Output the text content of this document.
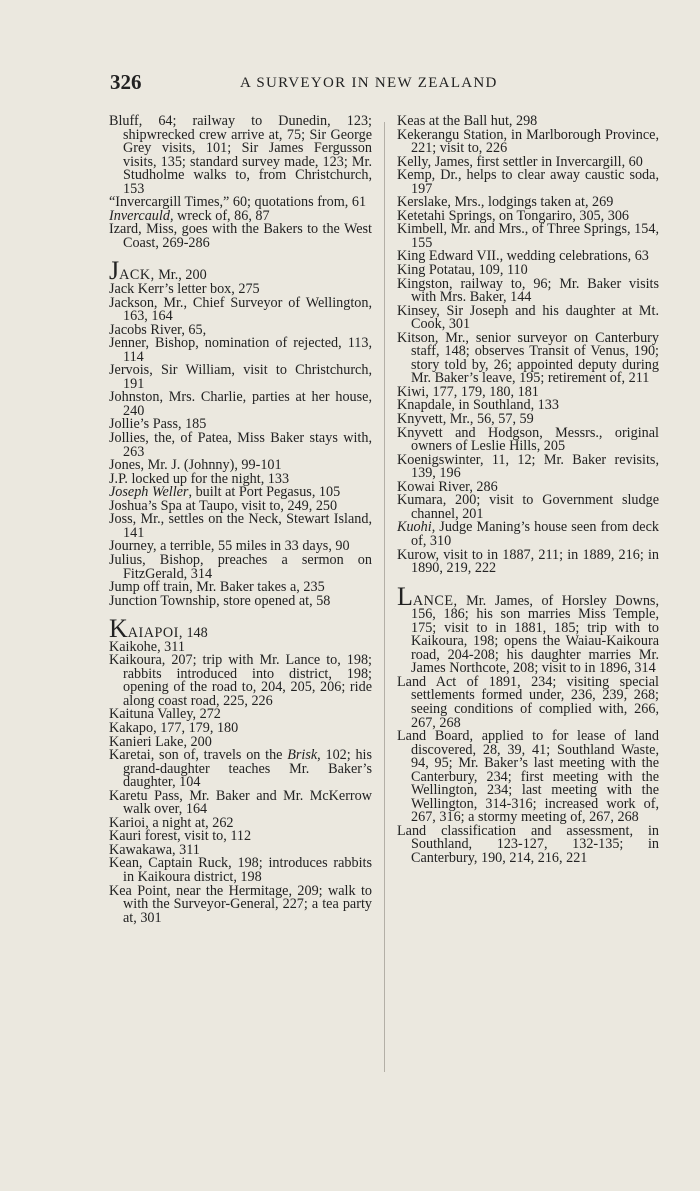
326	A SURVEYOR IN NEW ZEALAND
Bluff, 64; railway to Dunedin, 123; shipwrecked crew arrive at, 75; Sir George Grey visits, 101; Sir James Fergusson visits, 135; standard survey made, 123; Mr. Studholme walks to, from Christchurch, 153
“Invercargill Times,” 60; quotations from, 61
Invercauld, wreck of, 86, 87
Izard, Miss, goes with the Bakers to the West Coast, 269-286
JACK, Mr., 200
Jack Kerr’s letter box, 275
Jackson, Mr., Chief Surveyor of Wellington, 163, 164
Jacobs River, 65,
Jenner, Bishop, nomination of rejected, 113, 114
Jervois, Sir William, visit to Christchurch, 191
Johnston, Mrs. Charlie, parties at her house, 240
Jollie’s Pass, 185
Jollies, the, of Patea, Miss Baker stays with, 263
Jones, Mr. J. (Johnny), 99-101
J.P. locked up for the night, 133
Joseph Weller, built at Port Pegasus, 105
Joshua’s Spa at Taupo, visit to, 249, 250
Joss, Mr., settles on the Neck, Stewart Island, 141
Journey, a terrible, 55 miles in 33 days, 90
Julius, Bishop, preaches a sermon on FitzGerald, 314
Jump off train, Mr. Baker takes a, 235
Junction Township, store opened at, 58
KAIAPOI, 148
Kaikohe, 311
Kaikoura, 207; trip with Mr. Lance to, 198; rabbits introduced into district, 198; opening of the road to, 204, 205, 206; ride along coast road, 225, 226
Kaituna Valley, 272
Kakapo, 177, 179, 180
Kanieri Lake, 200
Karetai, son of, travels on the Brisk, 102; his grand-daughter teaches Mr. Baker’s daughter, 104
Karetu Pass, Mr. Baker and Mr. McKerrow walk over, 164
Karioi, a night at, 262
Kauri forest, visit to, 112
Kawakawa, 311
Kean, Captain Ruck, 198; introduces rabbits in Kaikoura district, 198
Kea Point, near the Hermitage, 209; walk to with the Surveyor-General, 227; a tea party at, 301
Keas at the Ball hut, 298
Kekerangu Station, in Marlborough Province, 221; visit to, 226
Kelly, James, first settler in Invercargill, 60
Kemp, Dr., helps to clear away caustic soda, 197
Kerslake, Mrs., lodgings taken at, 269
Ketetahi Springs, on Tongariro, 305, 306
Kimbell, Mr. and Mrs., of Three Springs, 154, 155
King Edward VII., wedding celebrations, 63
King Potatau, 109, 110
Kingston, railway to, 96; Mr. Baker visits with Mrs. Baker, 144
Kinsey, Sir Joseph and his daughter at Mt. Cook, 301
Kitson, Mr., senior surveyor on Canterbury staff, 148; observes Transit of Venus, 190; story told by, 26; appointed deputy during Mr. Baker’s leave, 195; retirement of, 211
Kiwi, 177, 179, 180, 181
Knapdale, in Southland, 133
Knyvett, Mr., 56, 57, 59
Knyvett and Hodgson, Messrs., original owners of Leslie Hills, 205
Koenigswinter, 11, 12; Mr. Baker revisits, 139, 196
Kowai River, 286
Kumara, 200; visit to Government sludge channel, 201
Kuohi, Judge Maning’s house seen from deck of, 310
Kurow, visit to in 1887, 211; in 1889, 216; in 1890, 219, 222
LANCE, Mr. James, of Horsley Downs, 156, 186; his son marries Miss Temple, 175; visit to in 1881, 185; trip with to Kaikoura, 198; opens the Waiau-Kaikoura road, 204-208; his daughter marries Mr. James Northcote, 208; visit to in 1896, 314
Land Act of 1891, 234; visiting special settlements formed under, 236, 239, 268; seeing conditions of complied with, 266, 267, 268
Land Board, applied to for lease of land discovered, 28, 39, 41; Southland Waste, 94, 95; Mr. Baker’s last meeting with the Canterbury, 234; first meeting with the Wellington, 234; last meeting with the Wellington, 314-316; increased work of, 267, 316; a stormy meeting of, 267, 268
Land classification and assessment, in Southland, 123-127, 132-135; in Canterbury, 190, 214, 216, 221
